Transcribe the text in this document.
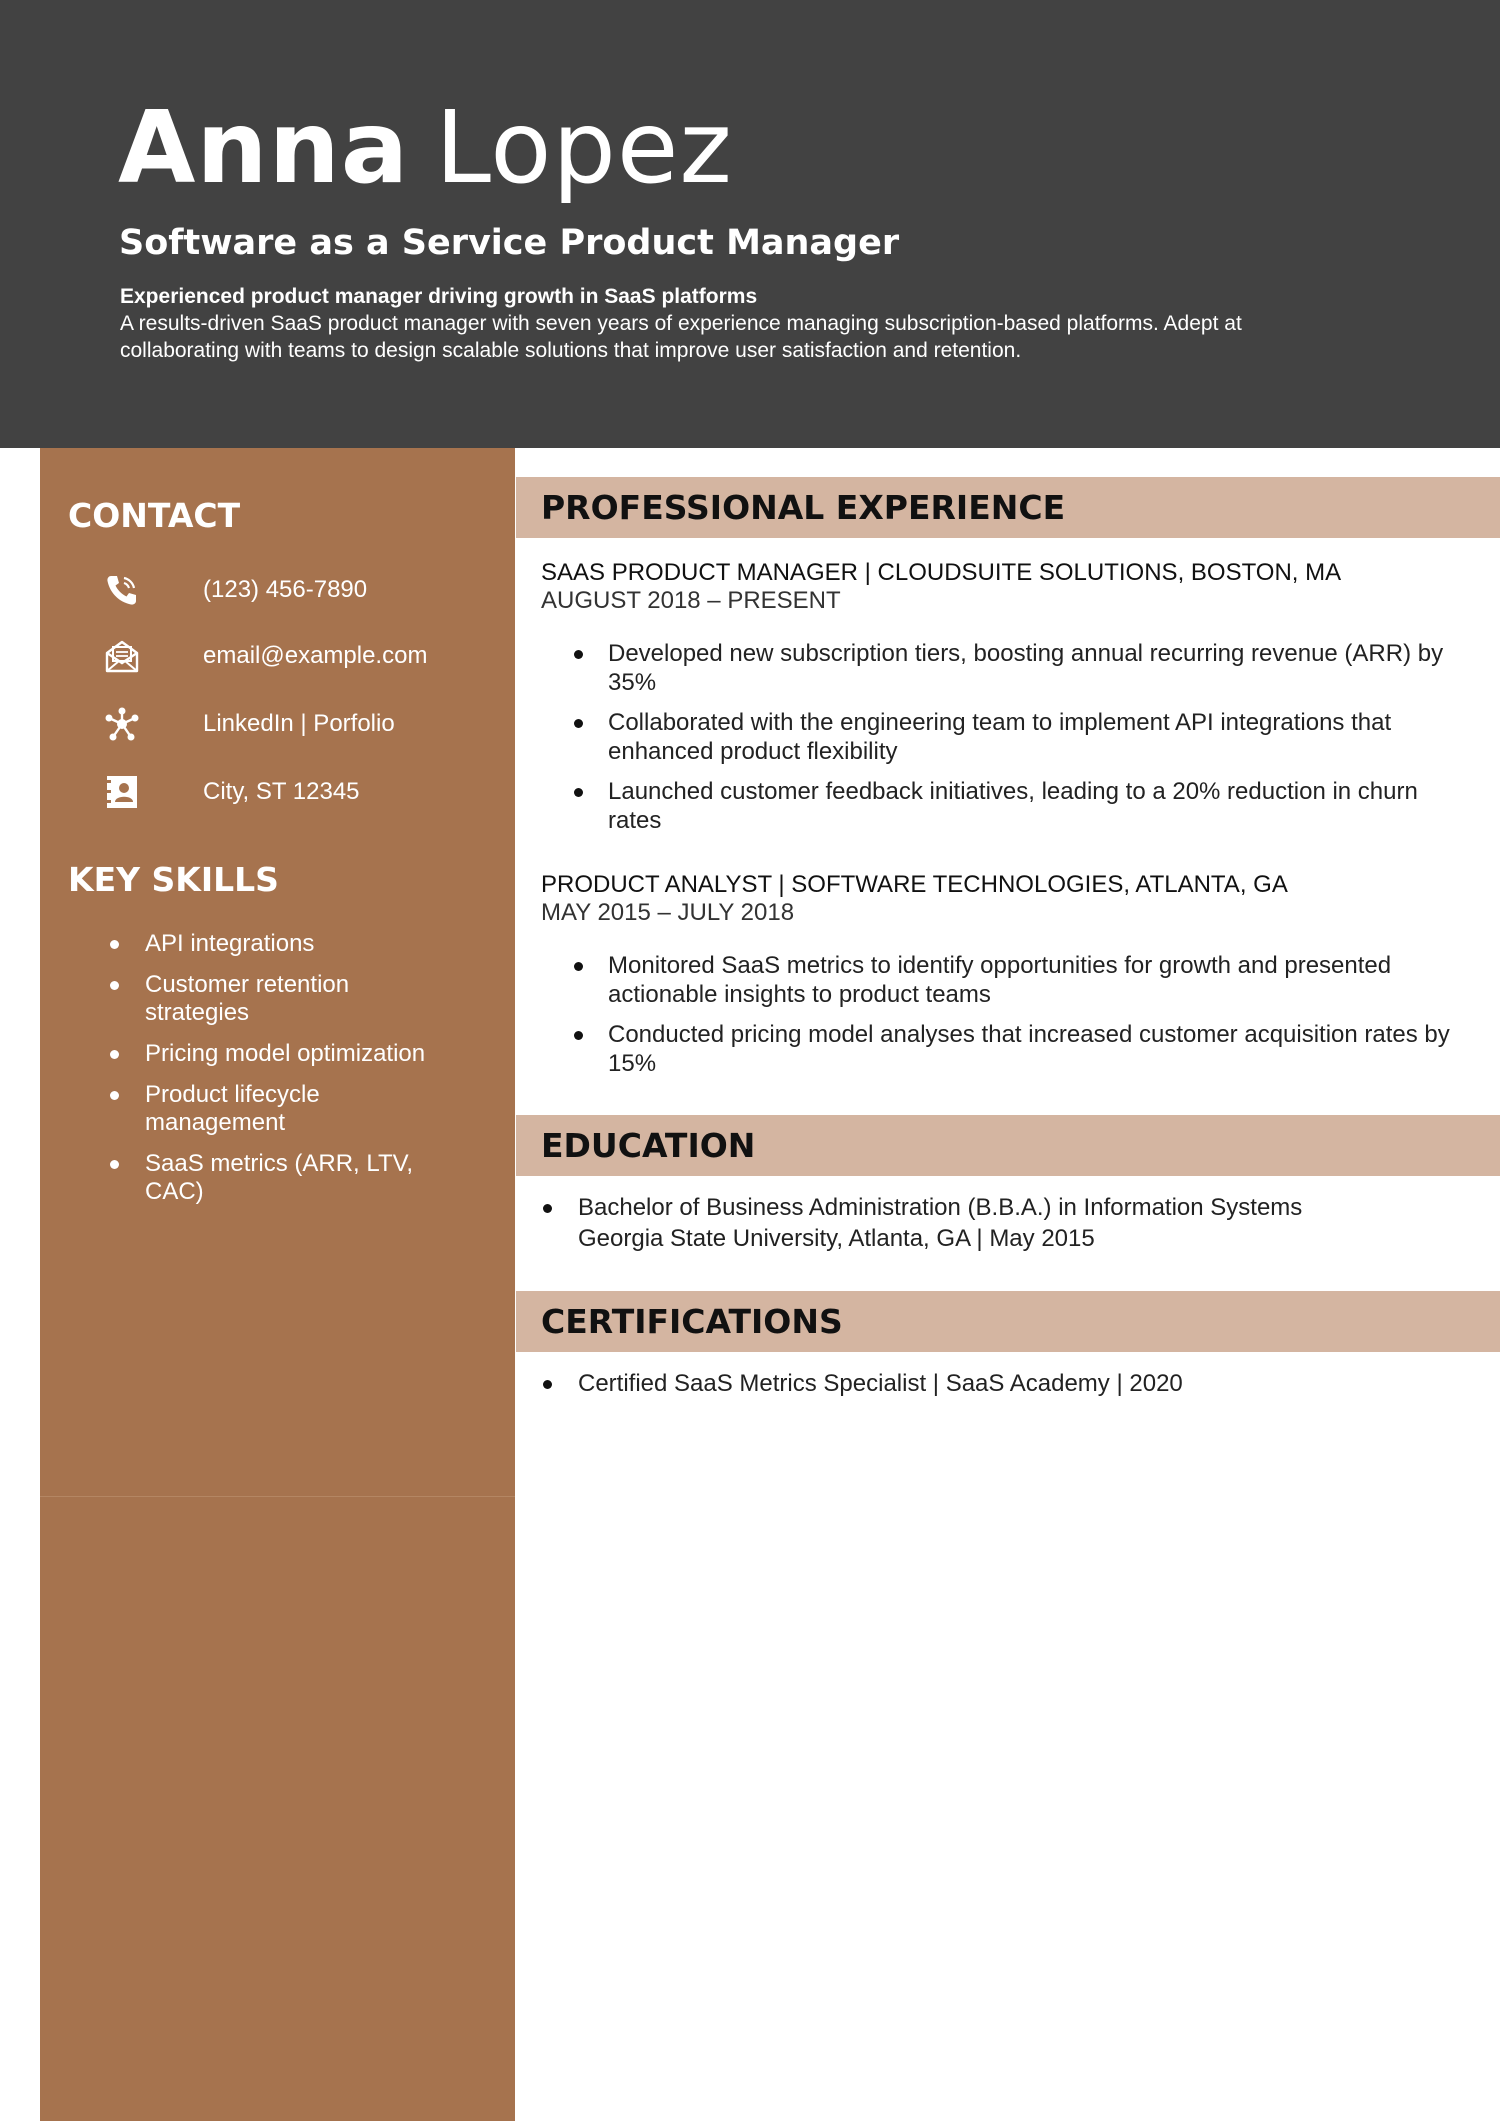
Anna Lopez
Software as a Service Product Manager
Experienced product manager driving growth in SaaS platforms
A results-driven SaaS product manager with seven years of experience managing subscription-based platforms. Adept at collaborating with teams to design scalable solutions that improve user satisfaction and retention.
CONTACT
(123) 456-7890
email@example.com
LinkedIn | Porfolio
City, ST 12345
KEY SKILLS
API integrations
Customer retention strategies
Pricing model optimization
Product lifecycle management
SaaS metrics (ARR, LTV, CAC)
PROFESSIONAL EXPERIENCE
SAAS PRODUCT MANAGER | CLOUDSUITE SOLUTIONS, BOSTON, MA
AUGUST 2018 – PRESENT
Developed new subscription tiers, boosting annual recurring revenue (ARR) by 35%
Collaborated with the engineering team to implement API integrations that enhanced product flexibility
Launched customer feedback initiatives, leading to a 20% reduction in churn rates
PRODUCT ANALYST | SOFTWARE TECHNOLOGIES, ATLANTA, GA
MAY 2015 – JULY 2018
Monitored SaaS metrics to identify opportunities for growth and presented actionable insights to product teams
Conducted pricing model analyses that increased customer acquisition rates by 15%
EDUCATION
Bachelor of Business Administration (B.B.A.) in Information Systems
Georgia State University, Atlanta, GA | May 2015
CERTIFICATIONS
Certified SaaS Metrics Specialist | SaaS Academy | 2020
